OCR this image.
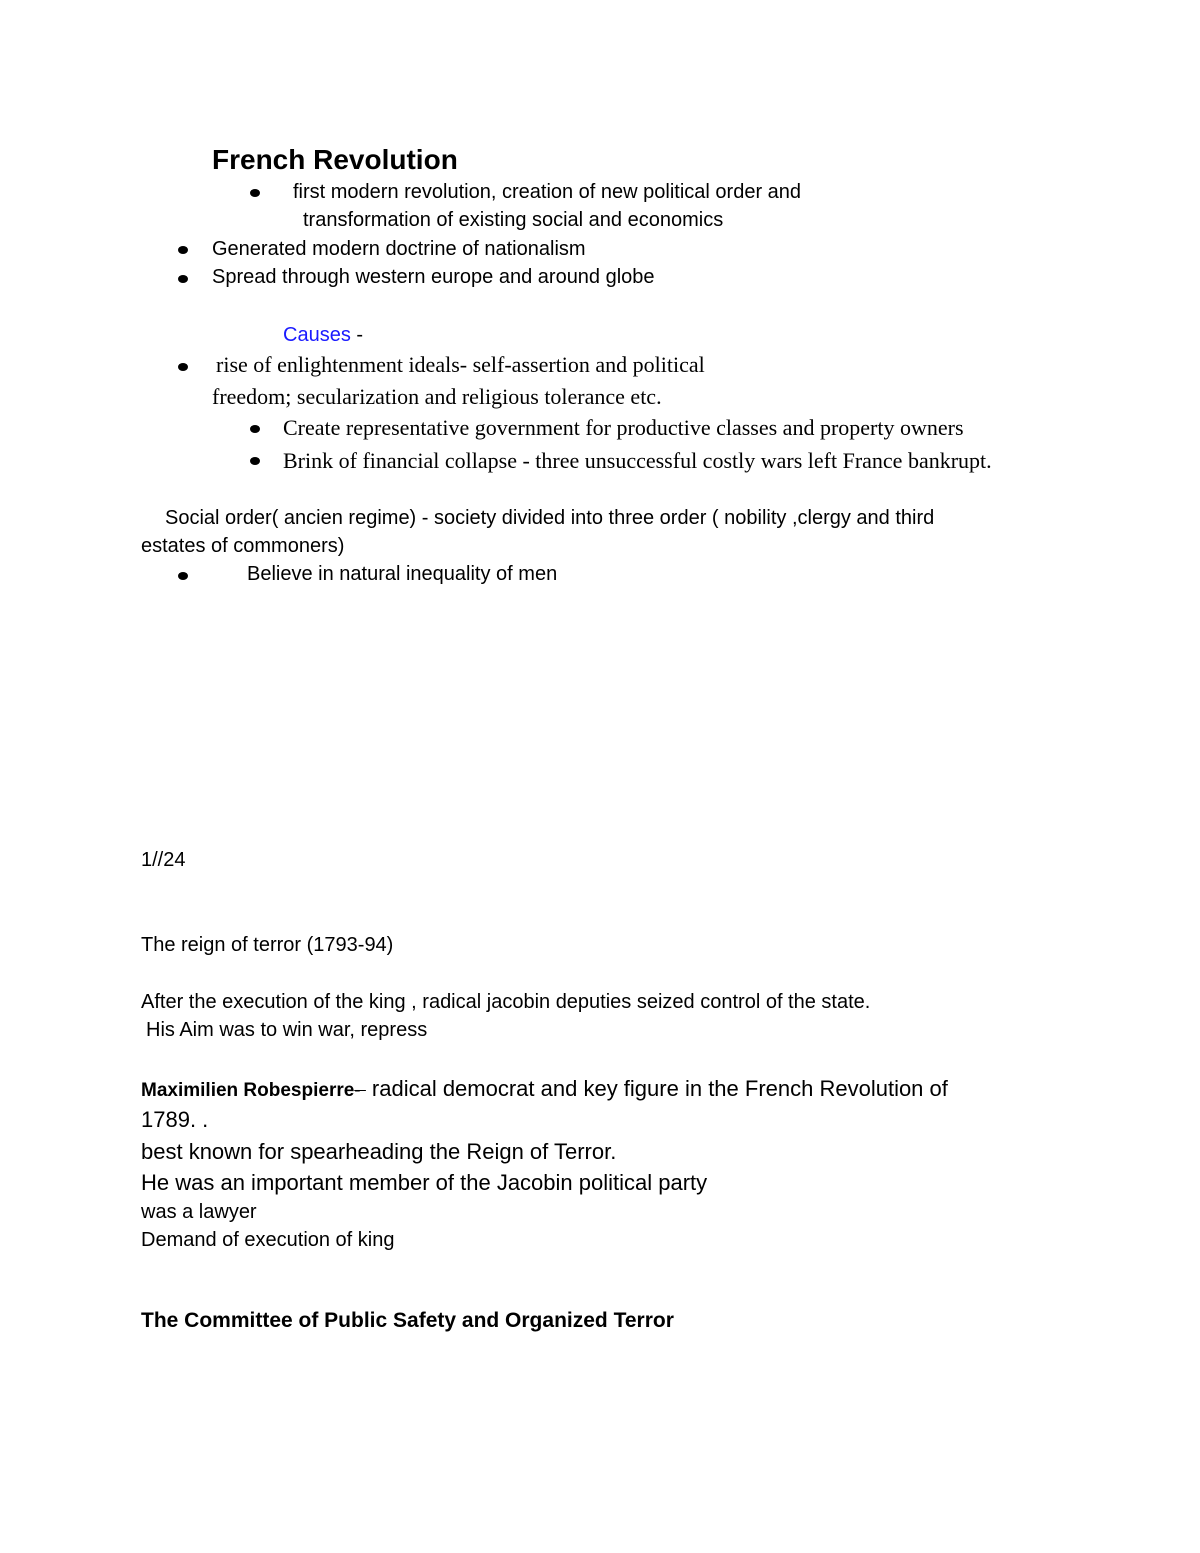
French Revolution
first modern revolution, creation of new political order and
transformation of existing social and economics
Generated modern doctrine of nationalism
Spread through western europe and around globe
Causes -
rise of enlightenment ideals- self-assertion and political
freedom; secularization and religious tolerance etc.
Create representative government for productive classes and property owners
Brink of financial collapse - three unsuccessful costly wars left France bankrupt.
Social order( ancien regime) - society divided into three order ( nobility ,clergy and third
estates of commoners)
Believe in natural inequality of men
1//24
The reign of terror (1793-94)
After the execution of the king , radical jacobin deputies seized control of the state.
His Aim was to win war, repress
Maximilien Robespierre- radical democrat and key figure in the French Revolution of
1789. .
best known for spearheading the Reign of Terror.
He was an important member of the Jacobin political party
was a lawyer
Demand of execution of king
The Committee of Public Safety and Organized Terror
